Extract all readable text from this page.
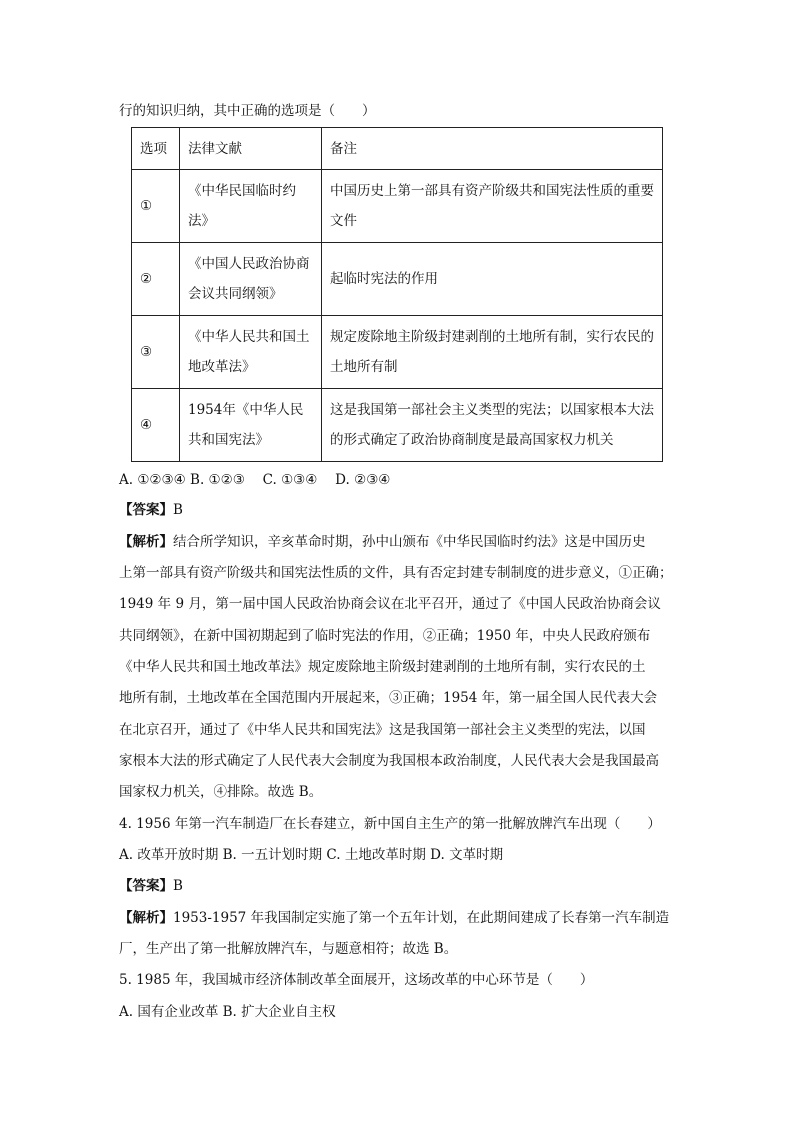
行的知识归纳，其中正确的选项是（　　）
选项	法律文献	备注
①	《中华民国临时约法》	中国历史上第一部具有资产阶级共和国宪法性质的重要文件
②	《中国人民政治协商会议共同纲领》	起临时宪法的作用
③	《中华人民共和国土地改革法》	规定废除地主阶级封建剥削的土地所有制，实行农民的土地所有制
④	1954年《中华人民共和国宪法》	这是我国第一部社会主义类型的宪法；以国家根本大法的形式确定了政治协商制度是最高国家权力机关
A. ①②③④ B. ①②③　 C. ①③④　 D. ②③④
【答案】B
【解析】结合所学知识，辛亥革命时期，孙中山颁布《中华民国临时约法》这是中国历史
上第一部具有资产阶级共和国宪法性质的文件，具有否定封建专制制度的进步意义，①正确；
1949 年 9 月，第一届中国人民政治协商会议在北平召开，通过了《中国人民政治协商会议
共同纲领》，在新中国初期起到了临时宪法的作用，②正确；1950 年，中央人民政府颁布
《中华人民共和国土地改革法》规定废除地主阶级封建剥削的土地所有制，实行农民的土
地所有制，土地改革在全国范围内开展起来，③正确；1954 年，第一届全国人民代表大会
在北京召开，通过了《中华人民共和国宪法》这是我国第一部社会主义类型的宪法，以国
家根本大法的形式确定了人民代表大会制度为我国根本政治制度，人民代表大会是我国最高
国家权力机关，④排除。故选 B。
4. 1956 年第一汽车制造厂在长春建立，新中国自主生产的第一批解放牌汽车出现（　　）
A. 改革开放时期 B. 一五计划时期 C. 土地改革时期 D. 文革时期
【答案】B
【解析】1953-1957 年我国制定实施了第一个五年计划，在此期间建成了长春第一汽车制造
厂，生产出了第一批解放牌汽车，与题意相符；故选 B。
5. 1985 年，我国城市经济体制改革全面展开，这场改革的中心环节是（　　）
A. 国有企业改革 B. 扩大企业自主权
